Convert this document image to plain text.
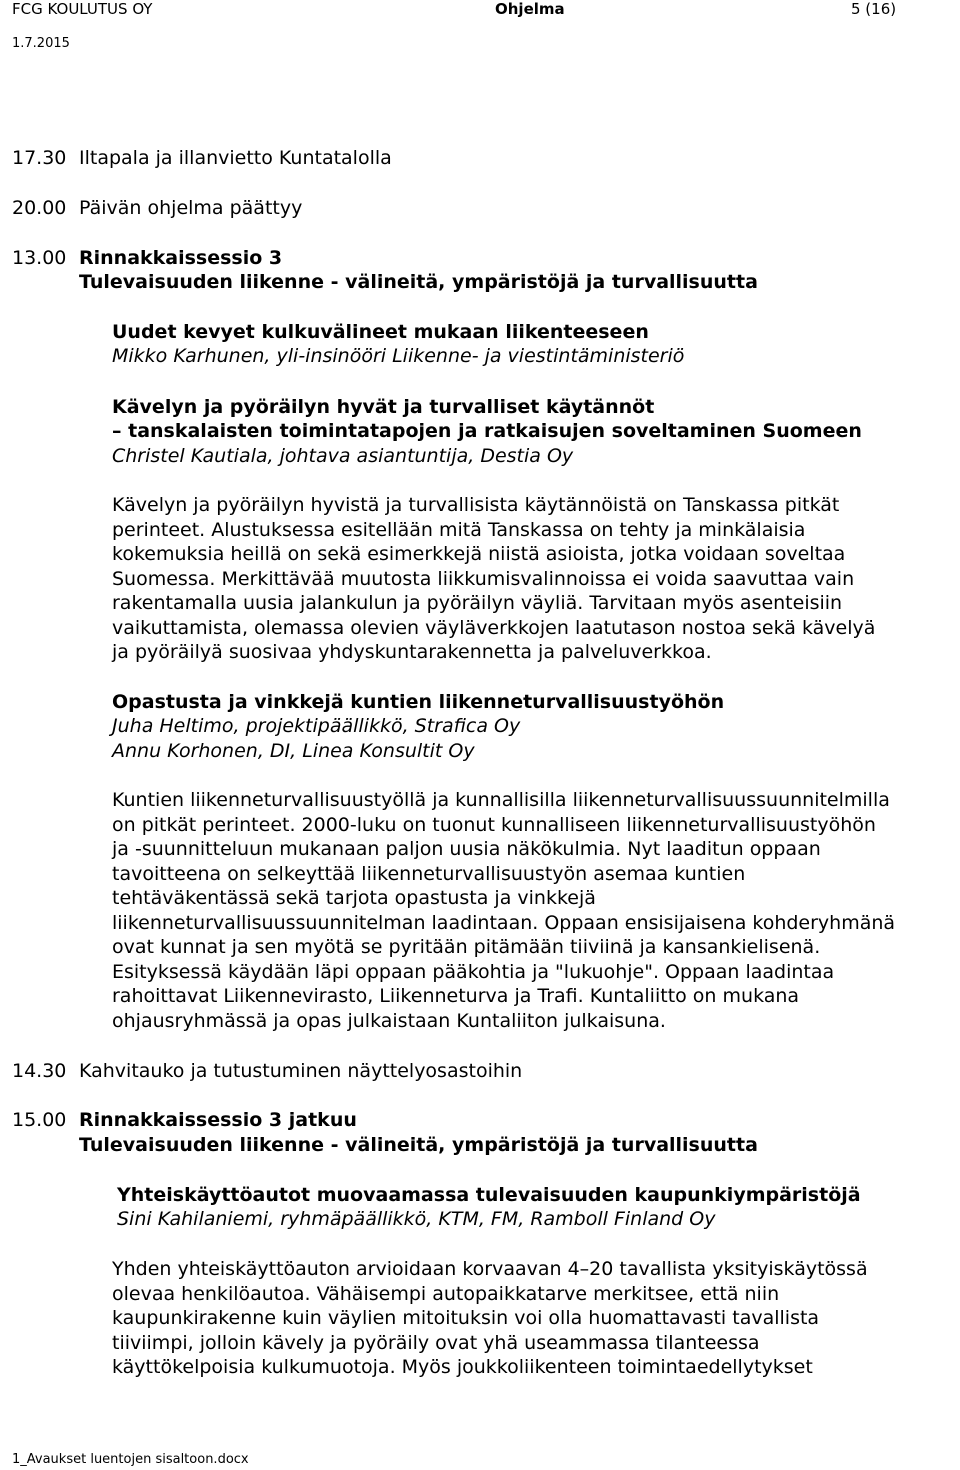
FCG KOULUTUS OY	Ohjelma	5 (16)
1.7.2015
17.30 Iltapala ja illanvietto Kuntatalolla
20.00 Päivän ohjelma päättyy
13.00 Rinnakkaissessio 3
Tulevaisuuden liikenne - välineitä, ympäristöjä ja turvallisuutta
Uudet kevyet kulkuvälineet mukaan liikenteeseen
Mikko Karhunen, yli-insinööri Liikenne- ja viestintäministeriö
Kävelyn ja pyöräilyn hyvät ja turvalliset käytännöt
– tanskalaisten toimintatapojen ja ratkaisujen soveltaminen Suomeen
Christel Kautiala, johtava asiantuntija, Destia Oy
Kävelyn ja pyöräilyn hyvistä ja turvallisista käytännöistä on Tanskassa pitkät
perinteet. Alustuksessa esitellään mitä Tanskassa on tehty ja minkälaisia
kokemuksia heillä on sekä esimerkkejä niistä asioista, jotka voidaan soveltaa
Suomessa. Merkittävää muutosta liikkumisvalinnoissa ei voida saavuttaa vain
rakentamalla uusia jalankulun ja pyöräilyn väyliä. Tarvitaan myös asenteisiin
vaikuttamista, olemassa olevien väyläverkkojen laatutason nostoa sekä kävelyä
ja pyöräilyä suosivaa yhdyskuntarakennetta ja palveluverkkoa.
Opastusta ja vinkkejä kuntien liikenneturvallisuustyöhön
Juha Heltimo, projektipäällikkö, Strafica Oy
Annu Korhonen, DI, Linea Konsultit Oy
Kuntien liikenneturvallisuustyöllä ja kunnallisilla liikenneturvallisuussuunnitelmilla
on pitkät perinteet. 2000-luku on tuonut kunnalliseen liikenneturvallisuustyöhön
ja -suunnitteluun mukanaan paljon uusia näkökulmia. Nyt laaditun oppaan
tavoitteena on selkeyttää liikenneturvallisuustyön asemaa kuntien
tehtäväkentässä sekä tarjota opastusta ja vinkkejä
liikenneturvallisuussuunnitelman laadintaan. Oppaan ensisijaisena kohderyhmänä
ovat kunnat ja sen myötä se pyritään pitämään tiiviinä ja kansankielisenä.
Esityksessä käydään läpi oppaan pääkohtia ja "lukuohje". Oppaan laadintaa
rahoittavat Liikennevirasto, Liikenneturva ja Trafi. Kuntaliitto on mukana
ohjausryhmässä ja opas julkaistaan Kuntaliiton julkaisuna.
14.30 Kahvitauko ja tutustuminen näyttelyosastoihin
15.00 Rinnakkaissessio 3 jatkuu
Tulevaisuuden liikenne - välineitä, ympäristöjä ja turvallisuutta
Yhteiskäyttöautot muovaamassa tulevaisuuden kaupunkiympäristöjä
Sini Kahilaniemi, ryhmäpäällikkö, KTM, FM, Ramboll Finland Oy
Yhden yhteiskäyttöauton arvioidaan korvaavan 4–20 tavallista yksityiskäytössä
olevaa henkilöautoa. Vähäisempi autopaikkatarve merkitsee, että niin
kaupunkirakenne kuin väylien mitoituksin voi olla huomattavasti tavallista
tiiviimpi, jolloin kävely ja pyöräily ovat yhä useammassa tilanteessa
käyttökelpoisia kulkumuotoja. Myös joukkoliikenteen toimintaedellytykset
1_Avaukset luentojen sisaltoon.docx
